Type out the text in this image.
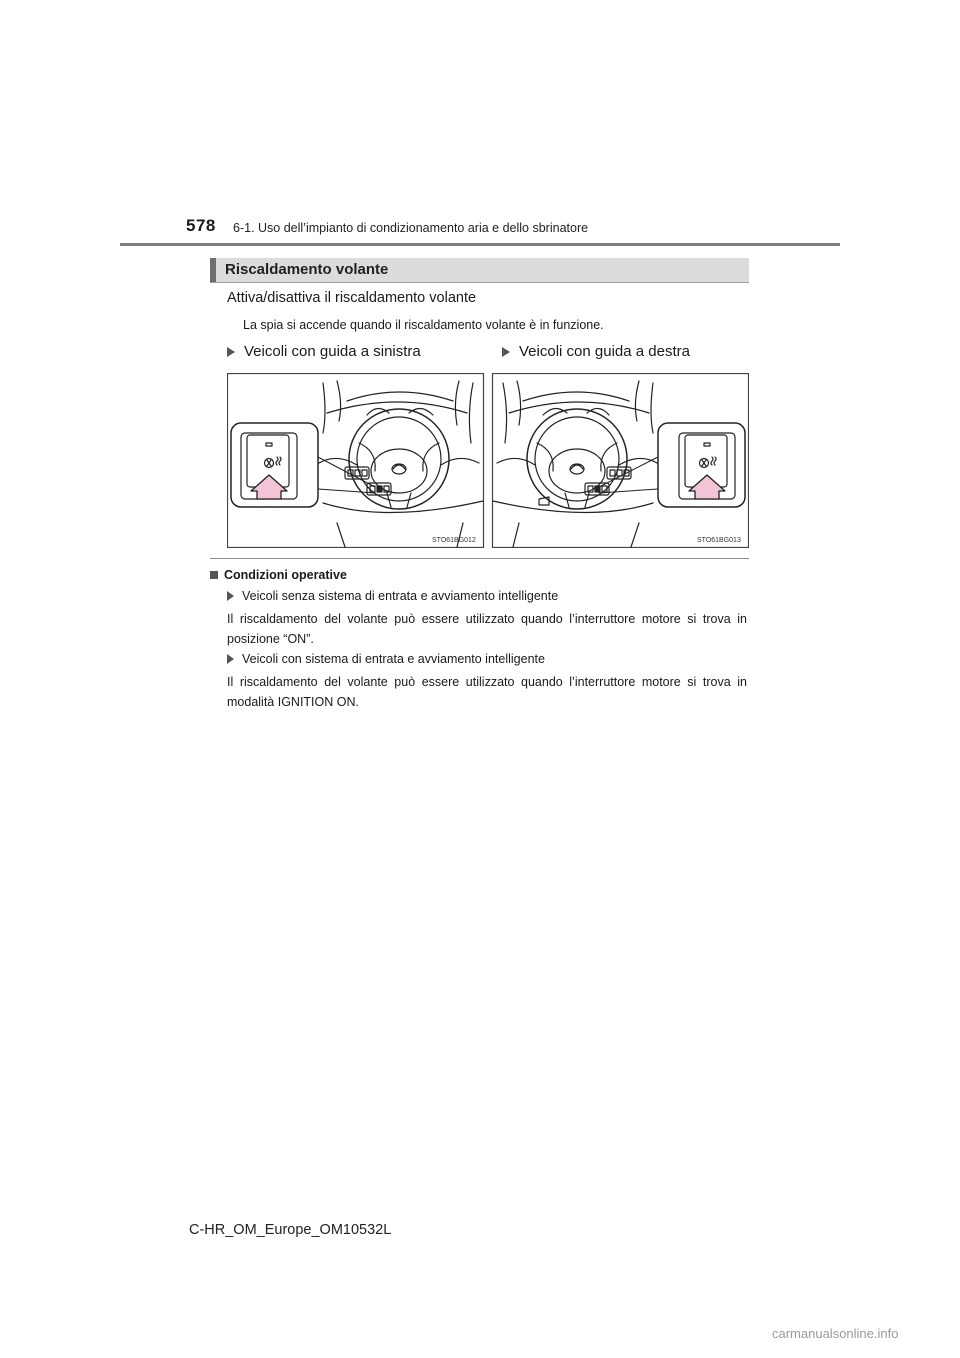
578 6-1. Uso dell’impianto di condizionamento aria e dello sbrinatore
Riscaldamento volante
Attiva/disattiva il riscaldamento volante
La spia si accende quando il riscaldamento volante è in funzione.
Veicoli con guida a sinistra	Veicoli con guida a destra
STO61BG012	STO61BG013
Condizioni operative
Veicoli senza sistema di entrata e avviamento intelligente
Il riscaldamento del volante può essere utilizzato quando l’interruttore motore si trova in posizione “ON”.
Veicoli con sistema di entrata e avviamento intelligente
Il riscaldamento del volante può essere utilizzato quando l’interruttore motore si trova in modalità IGNITION ON.
C-HR_OM_Europe_OM10532L
carmanualsonline.info
